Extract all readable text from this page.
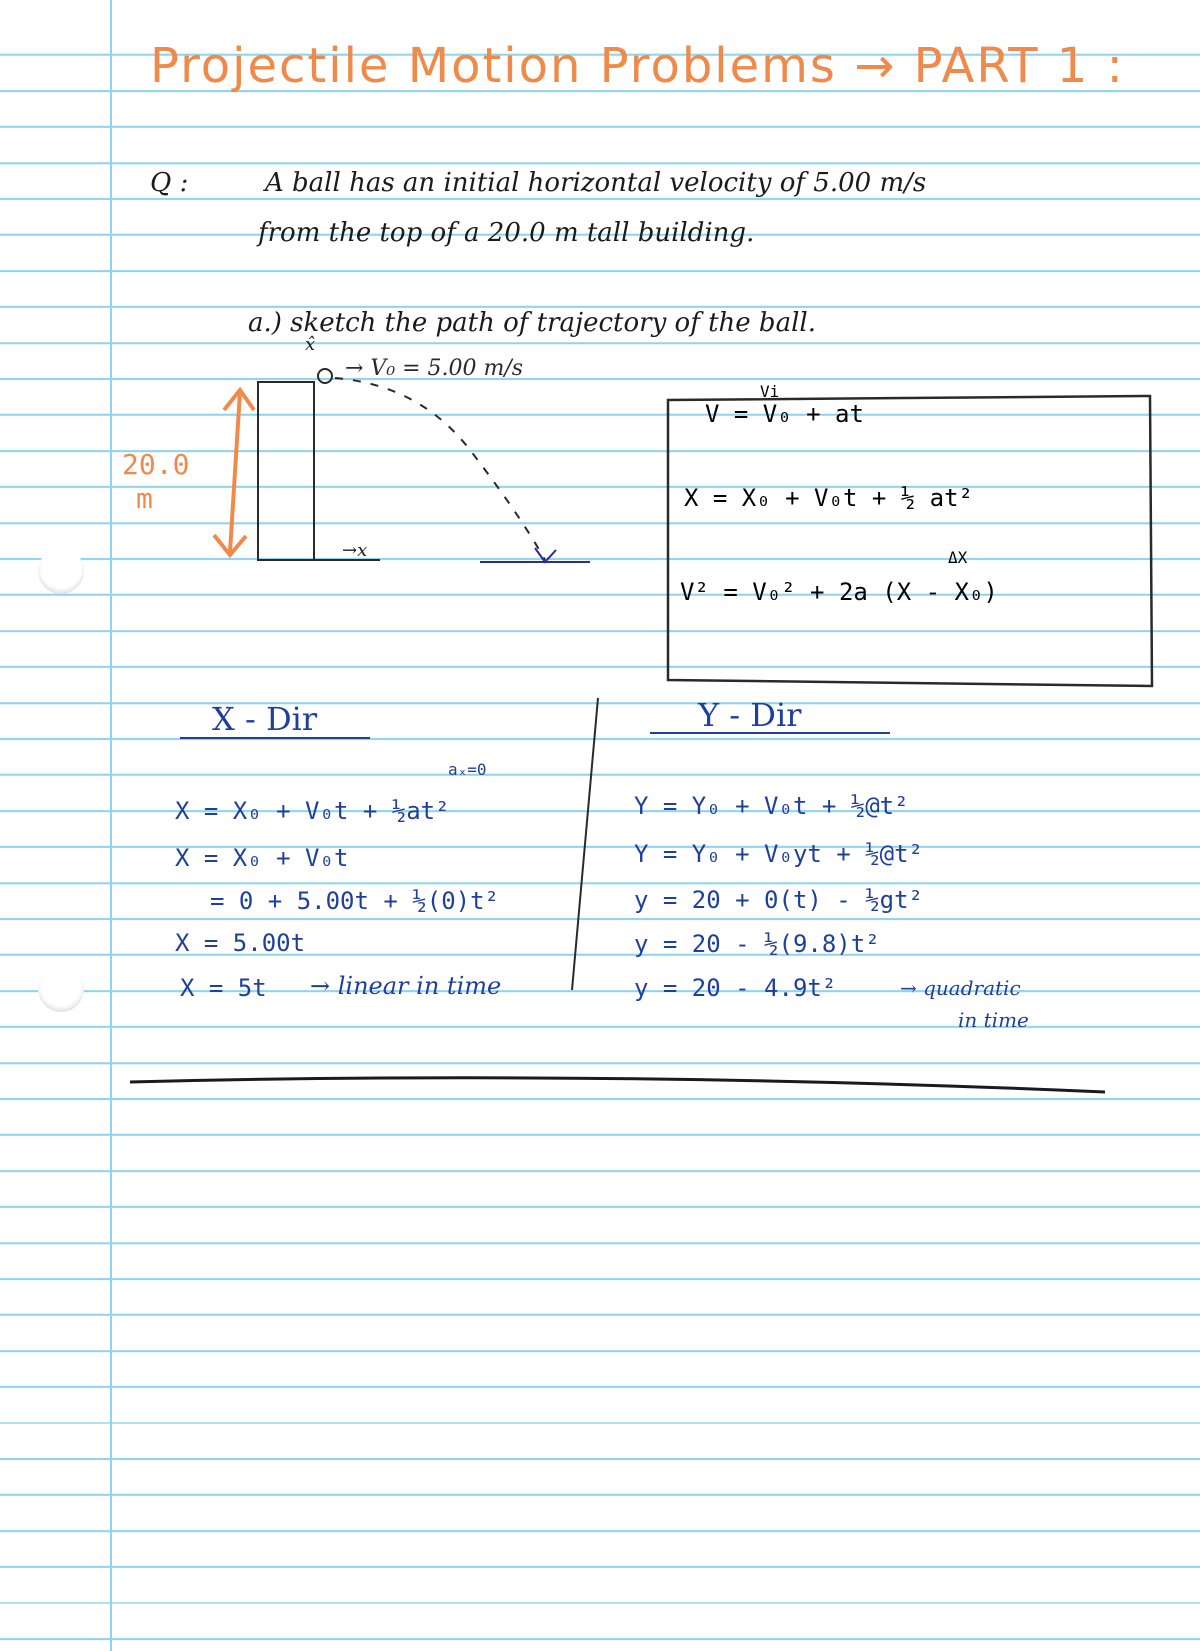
Projectile Motion Problems → PART 1 :
Q :	A ball has an initial horizontal velocity of 5.00 m/s
from the top of a 20.0 m tall building.
a.) sketch the path of trajectory of the ball.
x̂
→ V₀ = 5.00 m/s
20.0
m
→x
Vi
V = V₀ + at
ΔX
X = X₀ + V₀t + ½ at²
V² = V₀² + 2a (X - X₀)
X - Dir
aₓ=0
X = X₀ + V₀t + ½at²
X = X₀ + V₀t
= 0 + 5.00t + ½(0)t²
X = 5.00t
X = 5t → linear in time
Y - Dir
Y = Y₀ + V₀t + ½@t²
Y = Y₀ + V₀yt + ½@t²
y = 20 + 0(t) - ½gt²
y = 20 - ½(9.8)t²
y = 20 - 4.9t²	→ quadratic
in time
